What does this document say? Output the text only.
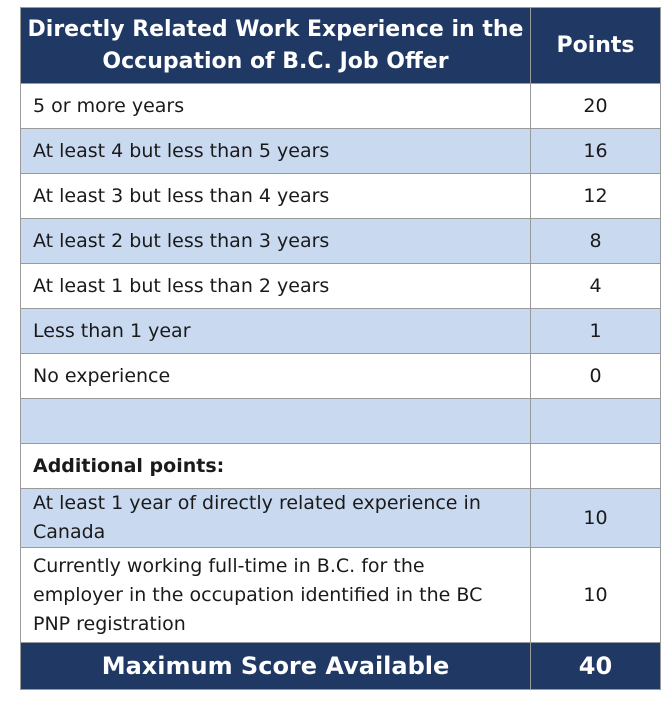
Directly Related Work Experience in the Occupation of B.C. Job Offer	Points
5 or more years	20
At least 4 but less than 5 years	16
At least 3 but less than 4 years	12
At least 2 but less than 3 years	8
At least 1 but less than 2 years	4
Less than 1 year	1
No experience	0

Additional points:	
At least 1 year of directly related experience in Canada	10
Currently working full-time in B.C. for the employer in the occupation identified in the BC PNP registration	10
Maximum Score Available	40
